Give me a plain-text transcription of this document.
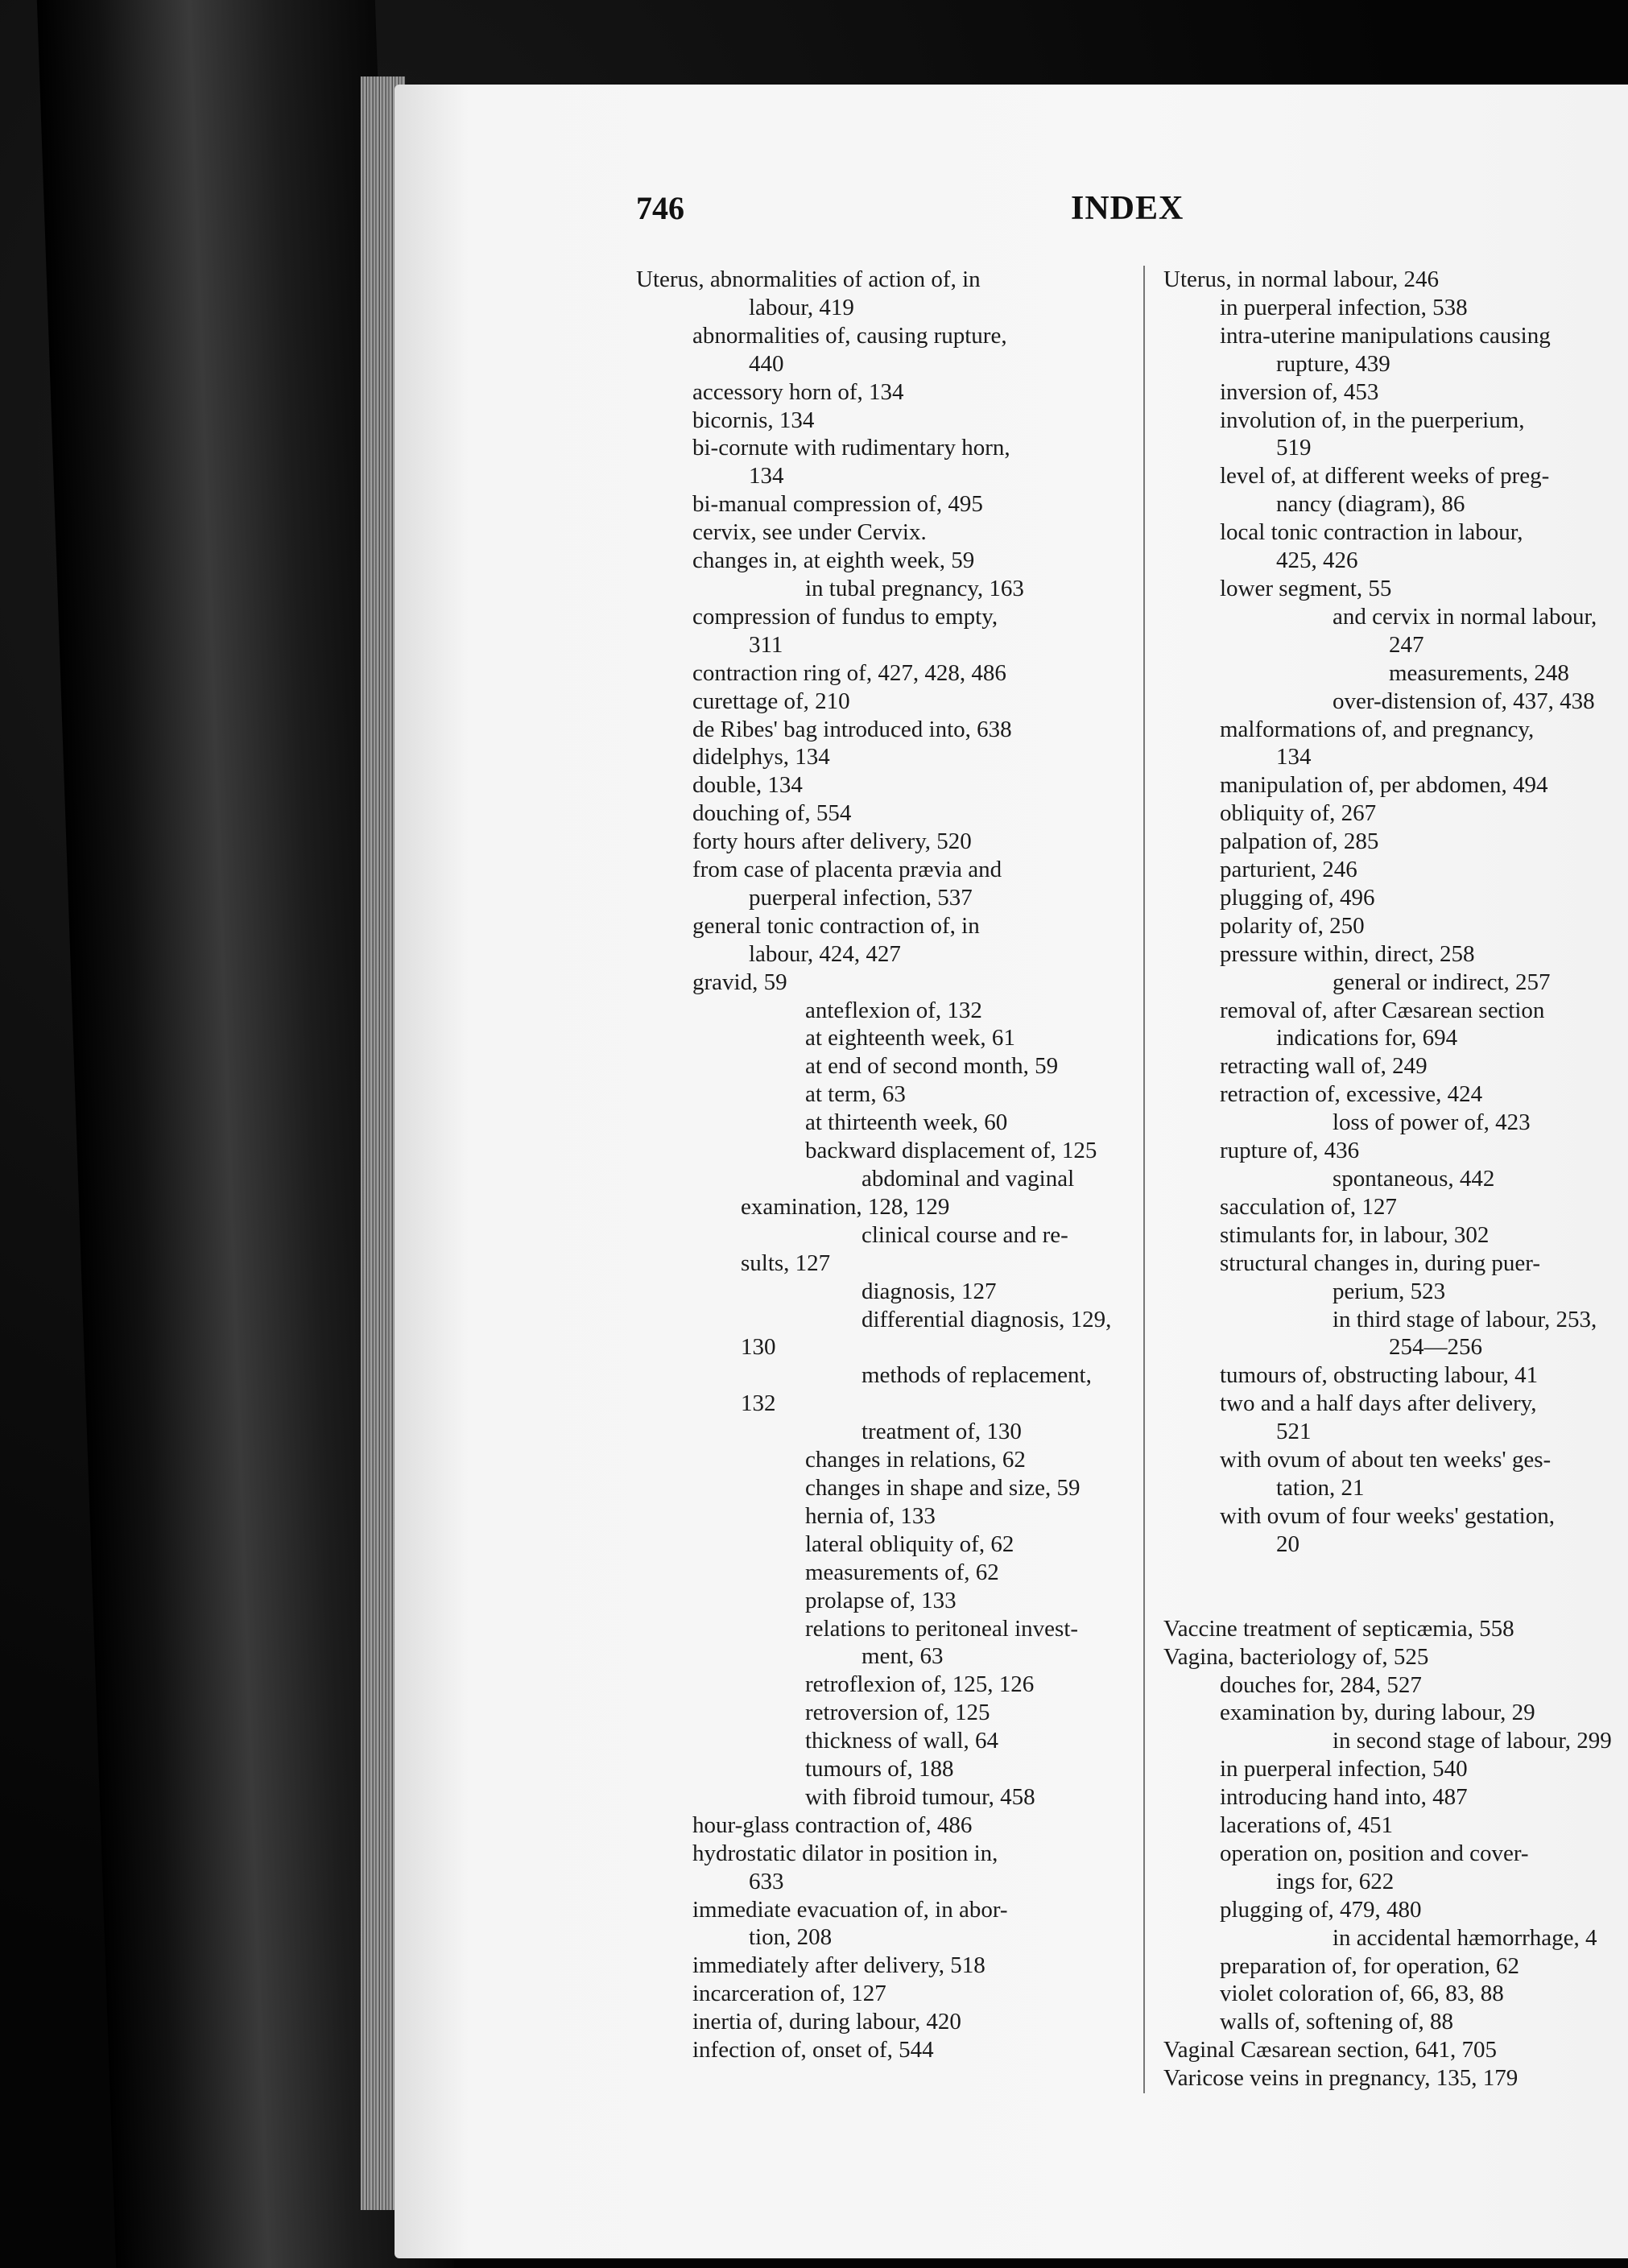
746	INDEX
Uterus, abnormalities of action of, in
labour, 419
abnormalities of, causing rupture,
440
accessory horn of, 134
bicornis, 134
bi-cornute with rudimentary horn,
134
bi-manual compression of, 495
cervix, see under Cervix.
changes in, at eighth week, 59
in tubal pregnancy, 163
compression of fundus to empty,
311
contraction ring of, 427, 428, 486
curettage of, 210
de Ribes' bag introduced into, 638
didelphys, 134
double, 134
douching of, 554
forty hours after delivery, 520
from case of placenta prævia and
puerperal infection, 537
general tonic contraction of, in
labour, 424, 427
gravid, 59
anteflexion of, 132
at eighteenth week, 61
at end of second month, 59
at term, 63
at thirteenth week, 60
backward displacement of, 125
abdominal and vaginal
examination, 128, 129
clinical course and re-
sults, 127
diagnosis, 127
differential diagnosis, 129,
130
methods of replacement,
132
treatment of, 130
changes in relations, 62
changes in shape and size, 59
hernia of, 133
lateral obliquity of, 62
measurements of, 62
prolapse of, 133
relations to peritoneal invest-
ment, 63
retroflexion of, 125, 126
retroversion of, 125
thickness of wall, 64
tumours of, 188
with fibroid tumour, 458
hour-glass contraction of, 486
hydrostatic dilator in position in,
633
immediate evacuation of, in abor-
tion, 208
immediately after delivery, 518
incarceration of, 127
inertia of, during labour, 420
infection of, onset of, 544
Uterus, in normal labour, 246
in puerperal infection, 538
intra-uterine manipulations causing
rupture, 439
inversion of, 453
involution of, in the puerperium,
519
level of, at different weeks of preg-
nancy (diagram), 86
local tonic contraction in labour,
425, 426
lower segment, 55
and cervix in normal labour,
247
measurements, 248
over-distension of, 437, 438
malformations of, and pregnancy,
134
manipulation of, per abdomen, 494
obliquity of, 267
palpation of, 285
parturient, 246
plugging of, 496
polarity of, 250
pressure within, direct, 258
general or indirect, 257
removal of, after Cæsarean section
indications for, 694
retracting wall of, 249
retraction of, excessive, 424
loss of power of, 423
rupture of, 436
spontaneous, 442
sacculation of, 127
stimulants for, in labour, 302
structural changes in, during puer-
perium, 523
in third stage of labour, 253,
254—256
tumours of, obstructing labour, 41
two and a half days after delivery,
521
with ovum of about ten weeks' ges-
tation, 21
with ovum of four weeks' gestation,
20
Vaccine treatment of septicæmia, 558
Vagina, bacteriology of, 525
douches for, 284, 527
examination by, during labour, 29
in second stage of labour, 299
in puerperal infection, 540
introducing hand into, 487
lacerations of, 451
operation on, position and cover-
ings for, 622
plugging of, 479, 480
in accidental hæmorrhage, 4
preparation of, for operation, 62
violet coloration of, 66, 83, 88
walls of, softening of, 88
Vaginal Cæsarean section, 641, 705
Varicose veins in pregnancy, 135, 179
